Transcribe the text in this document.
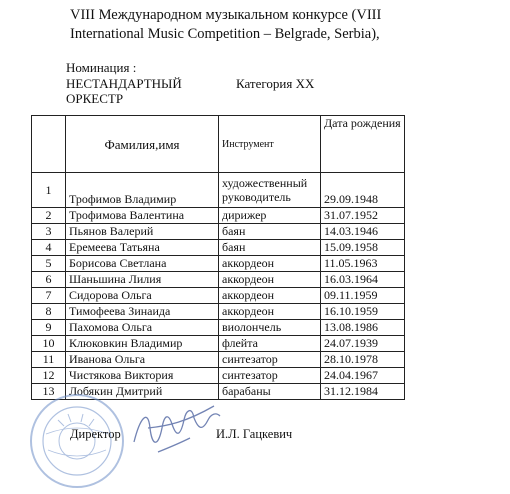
VIII Международном музыкальном конкурсе (VIII
International Music Competition – Belgrade, Serbia),
Номинация :
НЕСТАНДАРТНЫЙ ОРКЕСТР
Категория XX
	Фамилия,имя	Инструмент	Дата рождения
1	Трофимов Владимир	художественный руководитель	29.09.1948
2	Трофимова Валентина	дирижер	31.07.1952
3	Пьянов Валерий	баян	14.03.1946
4	Еремеева Татьяна	баян	15.09.1958
5	Борисова Светлана	аккордеон	11.05.1963
6	Шаньшина Лилия	аккордеон	16.03.1964
7	Сидорова Ольга	аккордеон	09.11.1959
8	Тимофеева Зинаида	аккордеон	16.10.1959
9	Пахомова Ольга	виолончель	13.08.1986
10	Клюковкин Владимир	флейта	24.07.1939
11	Иванова Ольга	синтезатор	28.10.1978
12	Чистякова Виктория	синтезатор	24.04.1967
13	Лобякин Дмитрий	барабаны	31.12.1984
Директор	И.Л. Гацкевич
